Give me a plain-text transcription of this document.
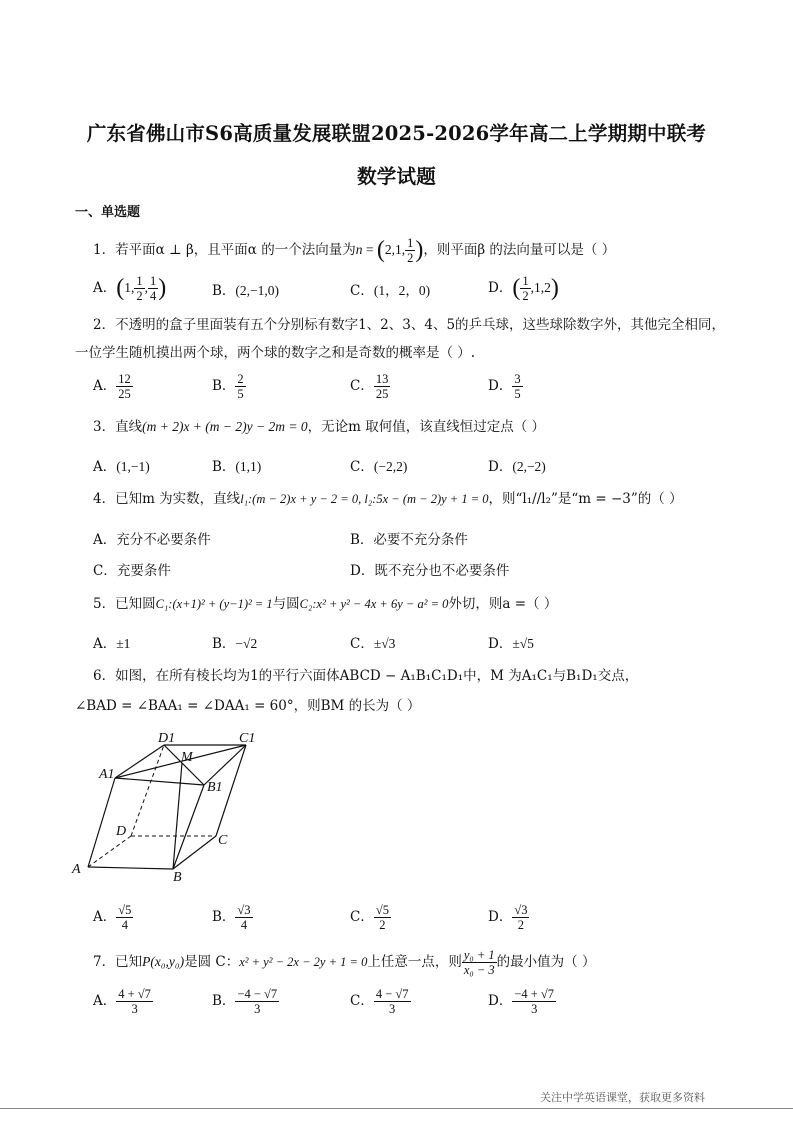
广东省佛山市S6高质量发展联盟2025-2026学年高二上学期期中联考
数学试题
一、单选题
1．若平面α ⊥ β，且平面α 的一个法向量为n = (2,1, $\frac{1}{2}$ )，则平面β 的法向量可以是（ ）
A．(1, $\frac{1}{2}$ , $\frac{1}{4}$ )	B．(2,−1,0)	C．(1，2，0)	D．( $\frac{1}{2} ,1,2$)
2．不透明的盒子里面装有五个分别标有数字1、2、3、4、5的乒乓球，这些球除数字外，其他完全相同，
一位学生随机摸出两个球，两个球的数字之和是奇数的概率是（ ）.
A． $\frac{12}{25}$	B． $\frac{2}{5}$	C． $\frac{13}{25}$	D． $\frac{3}{5}$
3．直线(m + 2)x + (m − 2)y − 2m = 0，无论m 取何值，该直线恒过定点（ ）
A．(1,−1)	B．(1,1)	C．(−2,2)	D．(2,−2)
4．已知m 为实数，直线l₁:(m − 2)x + y − 2 = 0, l₂:5x − (m − 2)y + 1 = 0，则“l₁//l₂”是“m = −3”的（ ）
A．充分不必要条件	B．必要不充分条件
C．充要条件	D．既不充分也不必要条件
5．已知圆C₁:(x+1)² + (y−1)² = 1与圆C₂:x² + y² − 4x + 6y − a² = 0外切，则a =（ ）
A．±1	B．−√2	C．±√3	D．±√5
6．如图，在所有棱长均为1的平行六面体ABCD − A₁B₁C₁D₁中，M 为A₁C₁与B₁D₁交点，
∠BAD = ∠BAA₁ = ∠DAA₁ = 60°，则BM 的长为（ ）
D1	C1
M
A1
B1
D
C
A
B
A． $\frac{√5}{4}$	B． $\frac{√3}{4}$	C． $\frac{√5}{2}$	D． $\frac{√3}{2}$
7．已知P(x₀,y₀)是圆 C：x² + y² − 2x − 2y + 1 = 0上任意一点，则 $\frac{\text{y₀ + 1}}{\text{x₀ − 3}}$ 的最小值为（ ）
A． $\frac{4 + √7}{3}$	B． $\frac{-4 - √7}{3}$	C． $\frac{4 - √7}{3}$	D． $\frac{-4 + √7}{3}$
关注中学英语课堂，获取更多资料
